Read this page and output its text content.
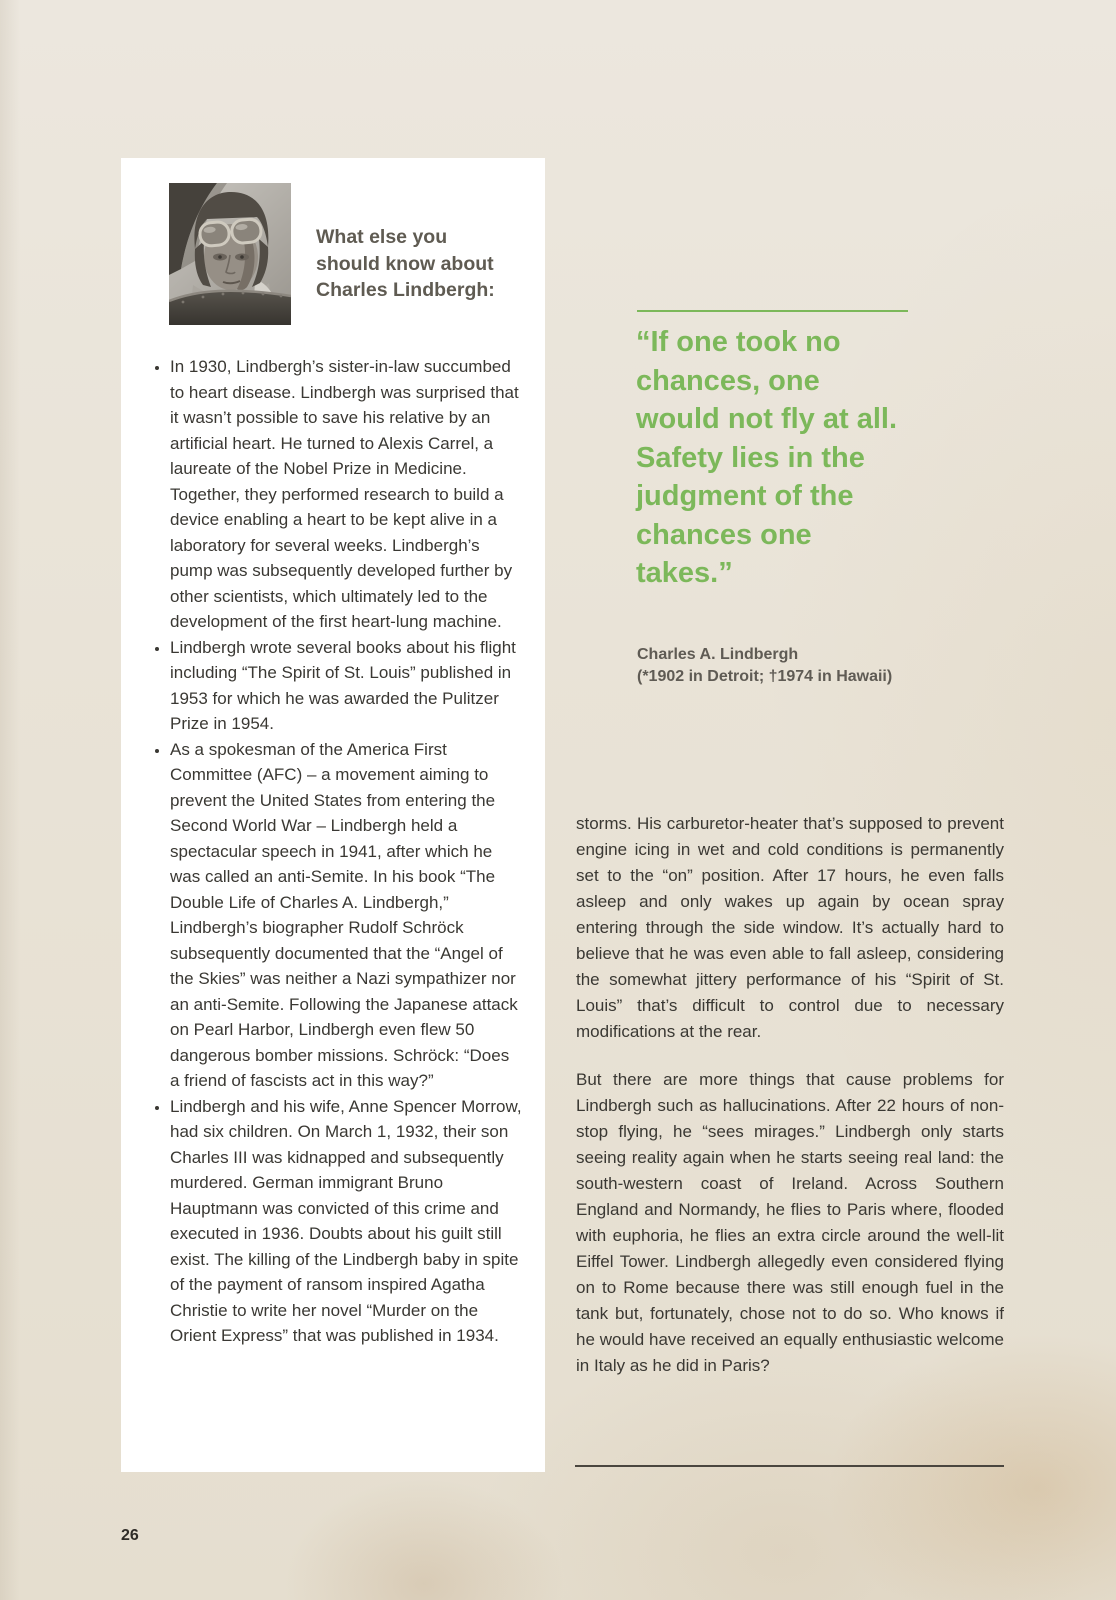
What else you should know about Charles Lindbergh:
• In 1930, Lindbergh’s sister-in-law succumbed to heart disease. Lindbergh was surprised that it wasn’t possible to save his relative by an artificial heart. He turned to Alexis Carrel, a laureate of the Nobel Prize in Medicine. Together, they performed research to build a device enabling a heart to be kept alive in a laboratory for several weeks. Lindbergh’s pump was subsequently developed further by other scientists, which ultimately led to the development of the first heart-lung machine.
• Lindbergh wrote several books about his flight including “The Spirit of St. Louis” published in 1953 for which he was awarded the Pulitzer Prize in 1954.
• As a spokesman of the America First Committee (AFC) – a movement aiming to prevent the United States from entering the Second World War – Lindbergh held a spectacular speech in 1941, after which he was called an anti-Semite. In his book “The Double Life of Charles A. Lindbergh,” Lindbergh’s biographer Rudolf Schröck subsequently documented that the “Angel of the Skies” was neither a Nazi sympathizer nor an anti-Semite. Following the Japanese attack on Pearl Harbor, Lindbergh even flew 50 dangerous bomber missions. Schröck: “Does a friend of fascists act in this way?”
• Lindbergh and his wife, Anne Spencer Morrow, had six children. On March 1, 1932, their son Charles III was kidnapped and subsequently murdered. German immigrant Bruno Hauptmann was convicted of this crime and executed in 1936. Doubts about his guilt still exist. The killing of the Lindbergh baby in spite of the payment of ransom inspired Agatha Christie to write her novel “Murder on the Orient Express” that was published in 1934.
“If one took no chances, one would not fly at all. Safety lies in the judgment of the chances one takes.”
Charles A. Lindbergh
(*1902 in Detroit; †1974 in Hawaii)

storms. His carburetor-heater that’s supposed to prevent engine icing in wet and cold conditions is permanently set to the “on” position. After 17 hours, he even falls asleep and only wakes up again by ocean spray entering through the side window. It’s actually hard to believe that he was even able to fall asleep, considering the somewhat jittery performance of his “Spirit of St. Louis” that’s difficult to control due to necessary modifications at the rear.

But there are more things that cause problems for Lindbergh such as hallucinations. After 22 hours of non-stop flying, he “sees mirages.” Lindbergh only starts seeing reality again when he starts seeing real land: the south-western coast of Ireland. Across Southern England and Normandy, he flies to Paris where, flooded with euphoria, he flies an extra circle around the well-lit Eiffel Tower. Lindbergh allegedly even considered flying on to Rome because there was still enough fuel in the tank but, fortunately, chose not to do so. Who knows if he would have received an equally enthusiastic welcome in Italy as he did in Paris?

26
